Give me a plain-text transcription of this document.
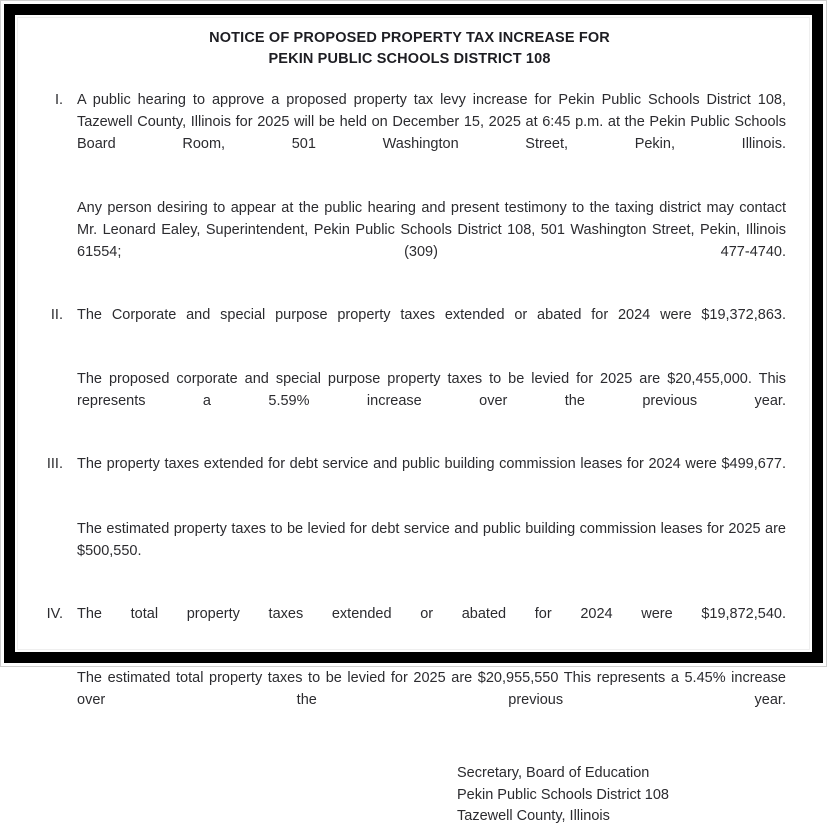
NOTICE OF PROPOSED PROPERTY TAX INCREASE FOR
PEKIN PUBLIC SCHOOLS DISTRICT 108
I. A public hearing to approve a proposed property tax levy increase for Pekin Public Schools District 108, Tazewell County, Illinois for 2025 will be held on December 15, 2025 at 6:45 p.m. at the Pekin Public Schools Board Room, 501 Washington Street, Pekin, Illinois.

Any person desiring to appear at the public hearing and present testimony to the taxing district may contact Mr. Leonard Ealey, Superintendent, Pekin Public Schools District 108, 501 Washington Street, Pekin, Illinois 61554; (309) 477-4740.

II. The Corporate and special purpose property taxes extended or abated for 2024 were $19,372,863.

The proposed corporate and special purpose property taxes to be levied for 2025 are $20,455,000. This represents a 5.59% increase over the previous year.

III. The property taxes extended for debt service and public building commission leases for 2024 were $499,677.

The estimated property taxes to be levied for debt service and public building commission leases for 2025 are $500,550.

IV. The total property taxes extended or abated for 2024 were $19,872,540.

The estimated total property taxes to be levied for 2025 are $20,955,550 This represents a 5.45% increase over the previous year.

Secretary, Board of Education
Pekin Public Schools District 108
Tazewell County, Illinois
